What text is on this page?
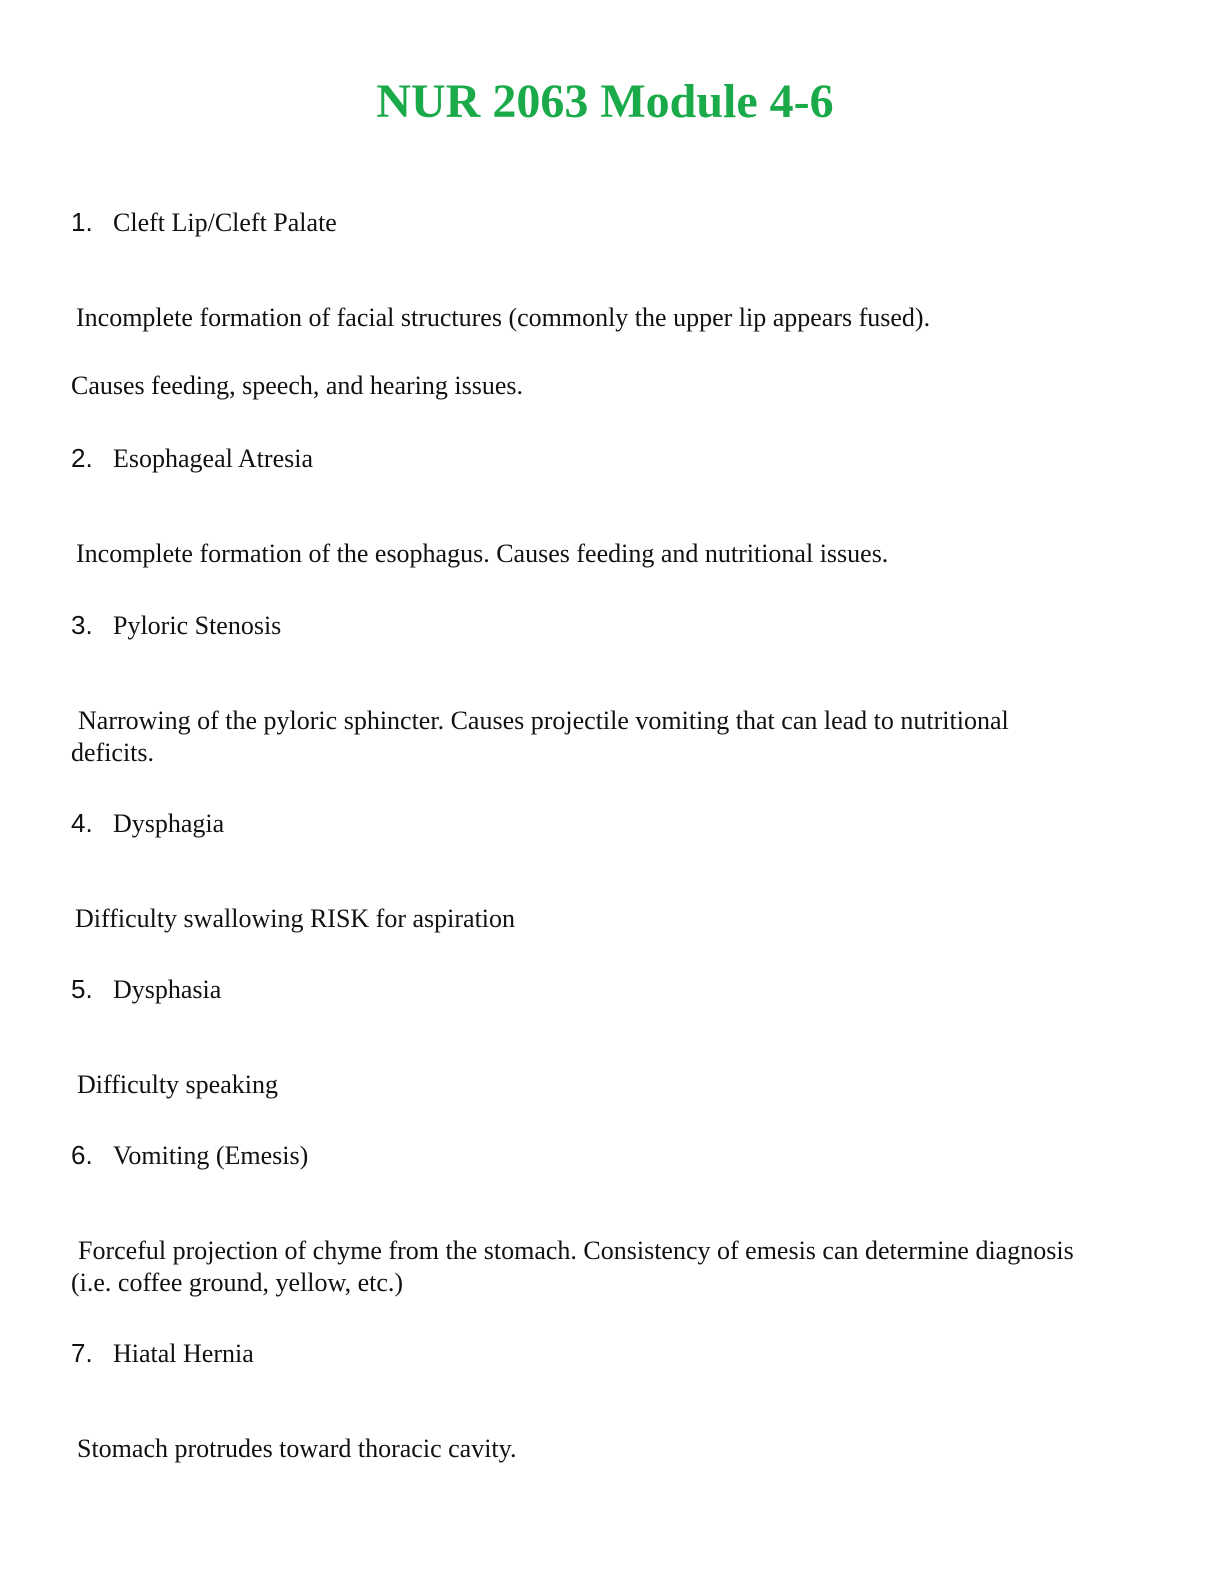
NUR 2063 Module 4-6
1. Cleft Lip/Cleft Palate
Incomplete formation of facial structures (commonly the upper lip appears fused).
Causes feeding, speech, and hearing issues.
2. Esophageal Atresia
Incomplete formation of the esophagus. Causes feeding and nutritional issues.
3. Pyloric Stenosis
Narrowing of the pyloric sphincter. Causes projectile vomiting that can lead to nutritional
deficits.
4. Dysphagia
Difficulty swallowing RISK for aspiration
5. Dysphasia
Difficulty speaking
6. Vomiting (Emesis)
Forceful projection of chyme from the stomach. Consistency of emesis can determine diagnosis
(i.e. coffee ground, yellow, etc.)
7. Hiatal Hernia
Stomach protrudes toward thoracic cavity.
